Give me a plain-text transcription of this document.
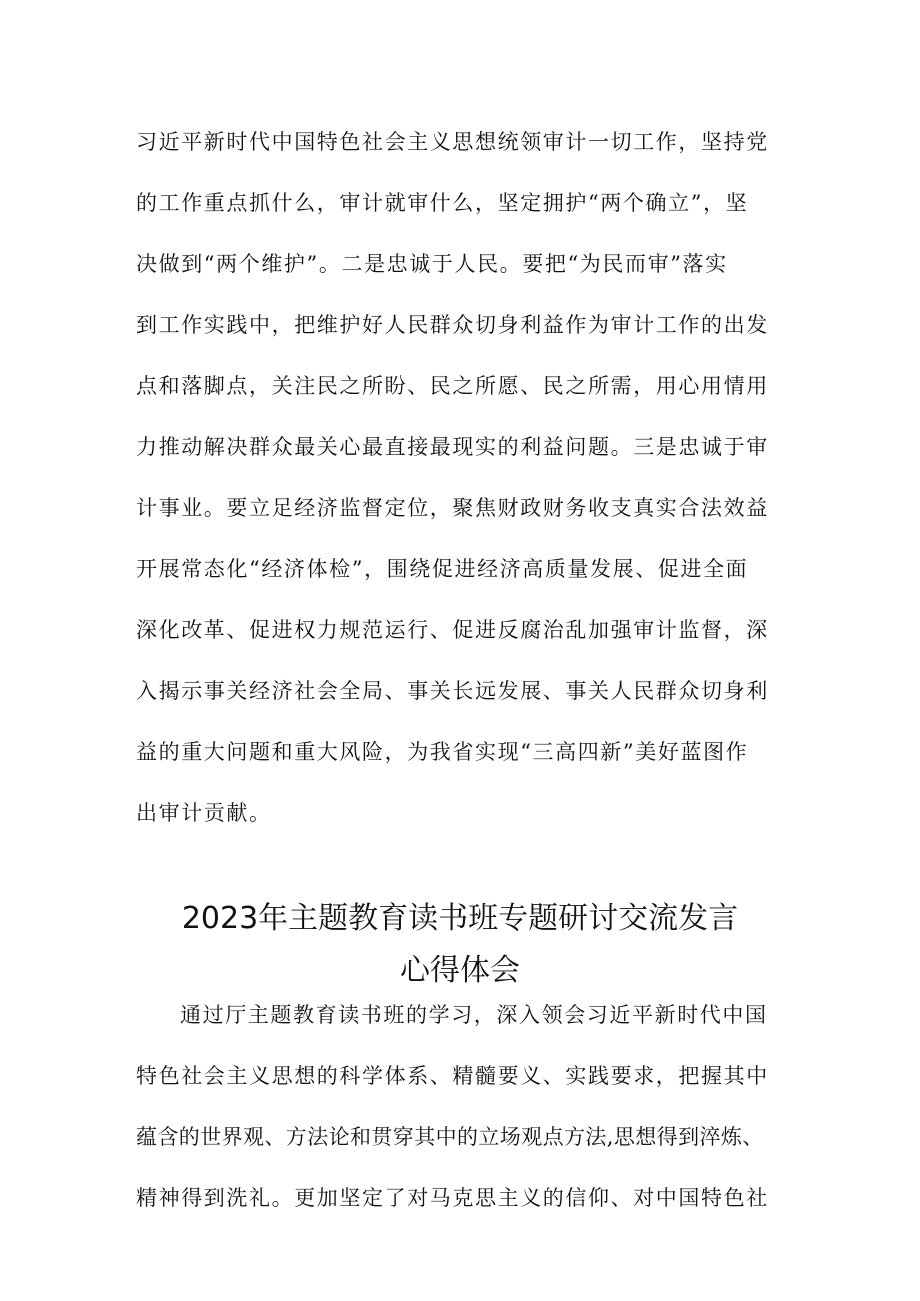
习近平新时代中国特色社会主义思想统领审计一切工作，坚持党
的工作重点抓什么，审计就审什么，坚定拥护“两个确立”，坚
决做到“两个维护”。二是忠诚于人民。要把“为民而审”落实
到工作实践中，把维护好人民群众切身利益作为审计工作的出发
点和落脚点，关注民之所盼、民之所愿、民之所需，用心用情用
力推动解决群众最关心最直接最现实的利益问题。三是忠诚于审
计事业。要立足经济监督定位，聚焦财政财务收支真实合法效益
开展常态化“经济体检”，围绕促进经济高质量发展、促进全面
深化改革、促进权力规范运行、促进反腐治乱加强审计监督，深
入揭示事关经济社会全局、事关长远发展、事关人民群众切身利
益的重大问题和重大风险，为我省实现“三高四新”美好蓝图作
出审计贡献。
2023年主题教育读书班专题研讨交流发言
心得体会
通过厅主题教育读书班的学习，深入领会习近平新时代中国
特色社会主义思想的科学体系、精髓要义、实践要求，把握其中
蕴含的世界观、方法论和贯穿其中的立场观点方法,思想得到淬炼、
精神得到洗礼。更加坚定了对马克思主义的信仰、对中国特色社
